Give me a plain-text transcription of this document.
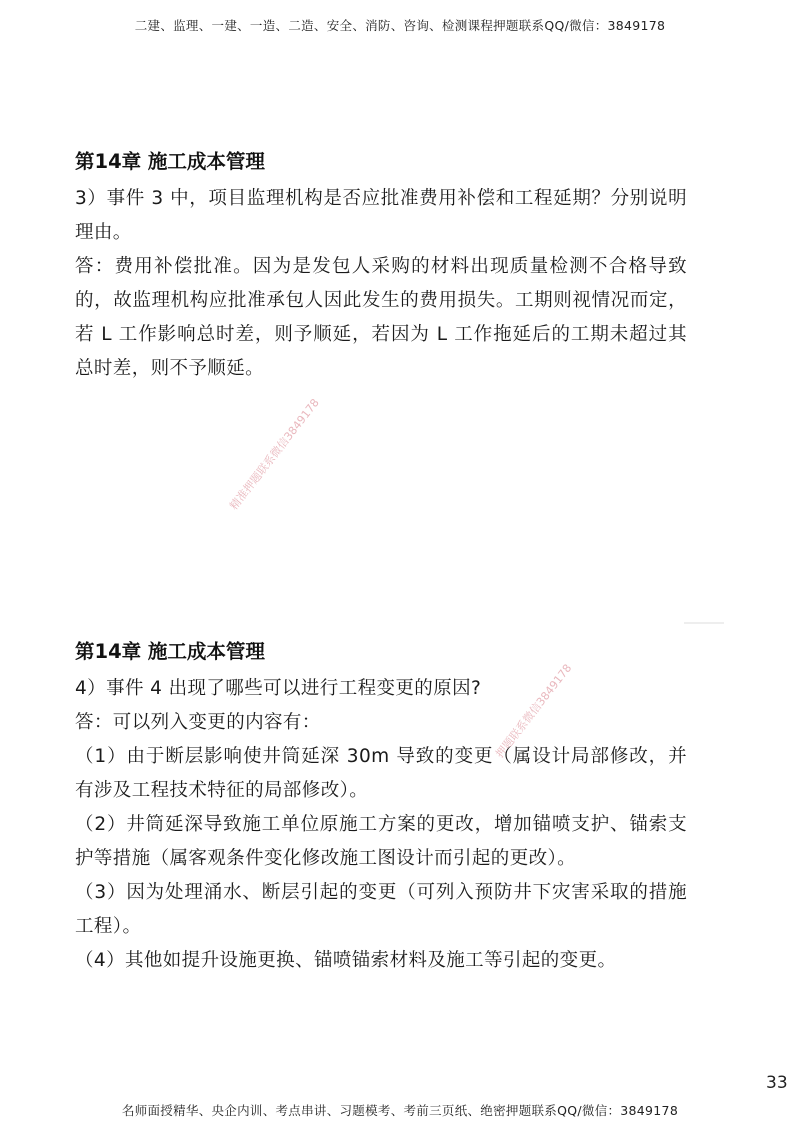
二建、监理、一建、一造、二造、安全、消防、咨询、检测课程押题联系QQ/微信：3849178
精准押题联系微信3849178
押题联系微信3849178
第14章 施工成本管理

3）事件 3 中，项目监理机构是否应批准费用补偿和工程延期？分别说明理由。

答：费用补偿批准。因为是发包人采购的材料出现质量检测不合格导致的，故监理机构应批准承包人因此发生的费用损失。工期则视情况而定，若 L 工作影响总时差，则予顺延，若因为 L 工作拖延后的工期未超过其总时差，则不予顺延。

第14章 施工成本管理

4）事件 4 出现了哪些可以进行工程变更的原因?

答：可以列入变更的内容有：

（1）由于断层影响使井筒延深 30m 导致的变更（属设计局部修改，并有涉及工程技术特征的局部修改）。

（2）井筒延深导致施工单位原施工方案的更改，增加锚喷支护、锚索支护等措施（属客观条件变化修改施工图设计而引起的更改）。

（3）因为处理涌水、断层引起的变更（可列入预防井下灾害采取的措施工程）。

（4）其他如提升设施更换、锚喷锚索材料及施工等引起的变更。

33
名师面授精华、央企内训、考点串讲、习题模考、考前三页纸、绝密押题联系QQ/微信：3849178
